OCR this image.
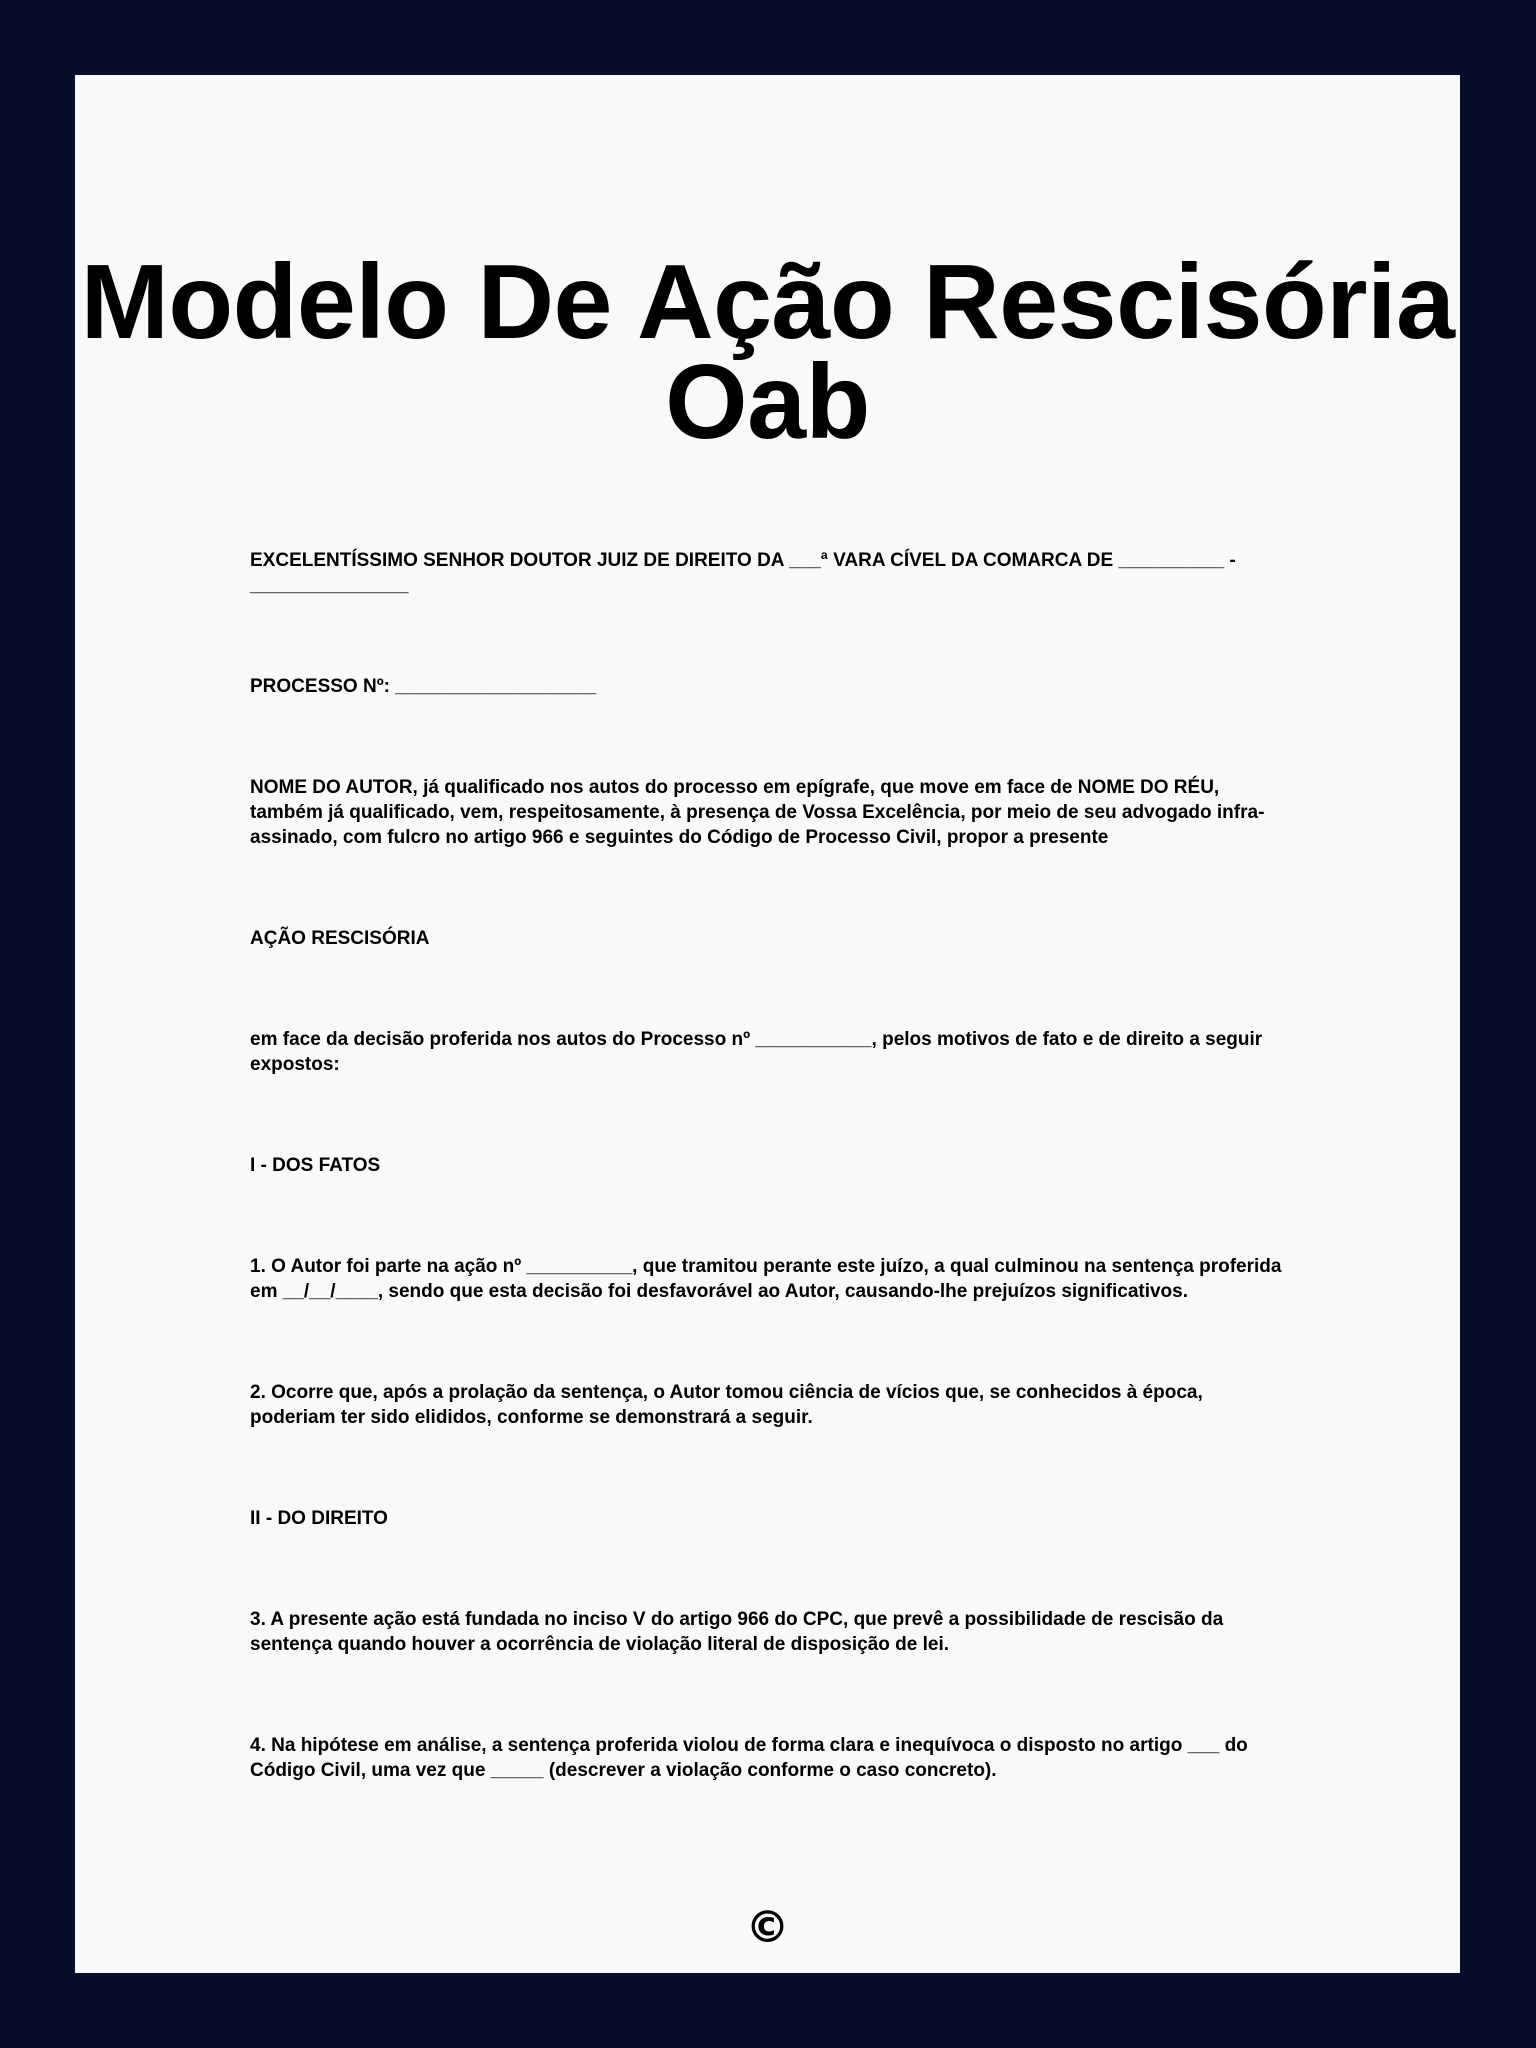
Modelo De Ação Rescisória Oab

EXCELENTÍSSIMO SENHOR DOUTOR JUIZ DE DIREITO DA ___ª VARA CÍVEL DA COMARCA DE __________ - _______________

PROCESSO Nº: ___________________

NOME DO AUTOR, já qualificado nos autos do processo em epígrafe, que move em face de NOME DO RÉU, também já qualificado, vem, respeitosamente, à presença de Vossa Excelência, por meio de seu advogado infra-assinado, com fulcro no artigo 966 e seguintes do Código de Processo Civil, propor a presente

AÇÃO RESCISÓRIA

em face da decisão proferida nos autos do Processo nº ___________, pelos motivos de fato e de direito a seguir expostos:

I - DOS FATOS

1. O Autor foi parte na ação nº __________, que tramitou perante este juízo, a qual culminou na sentença proferida em __/__/____, sendo que esta decisão foi desfavorável ao Autor, causando-lhe prejuízos significativos.

2. Ocorre que, após a prolação da sentença, o Autor tomou ciência de vícios que, se conhecidos à época, poderiam ter sido elididos, conforme se demonstrará a seguir.

II - DO DIREITO

3. A presente ação está fundada no inciso V do artigo 966 do CPC, que prevê a possibilidade de rescisão da sentença quando houver a ocorrência de violação literal de disposição de lei.

4. Na hipótese em análise, a sentença proferida violou de forma clara e inequívoca o disposto no artigo ___ do Código Civil, uma vez que _____ (descrever a violação conforme o caso concreto).

©
